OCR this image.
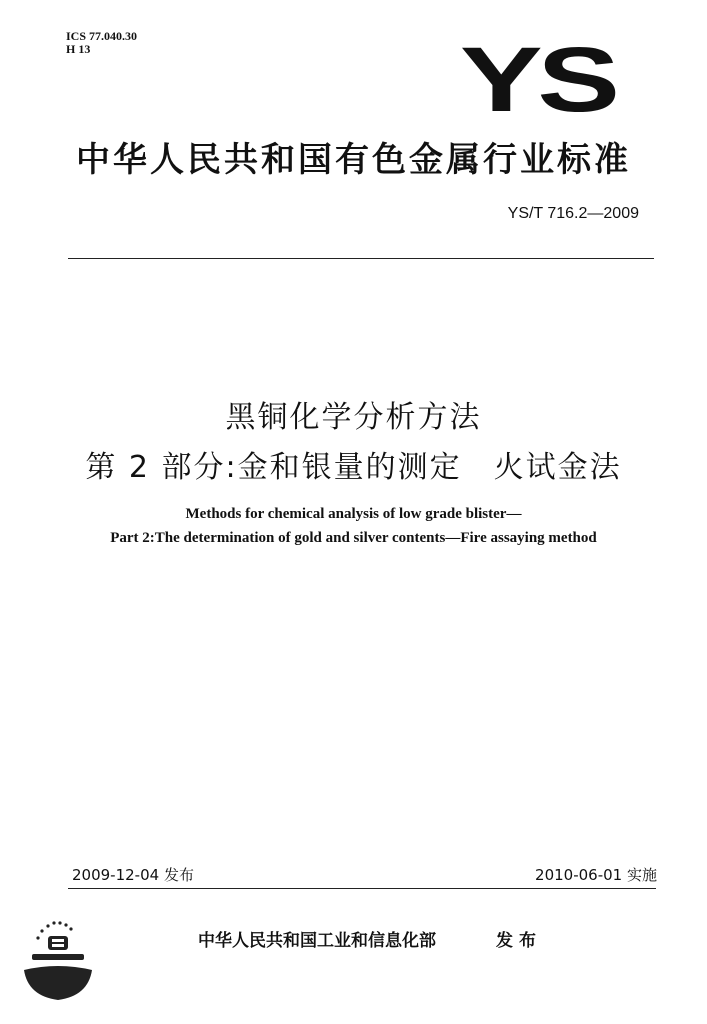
ICS 77.040.30
H 13	YS
中华人民共和国有色金属行业标准
YS/T 716.2—2009
黑铜化学分析方法
第 2 部分:金和银量的测定　火试金法
Methods for chemical analysis of low grade blister—
Part 2:The determination of gold and silver contents—Fire assaying method
2009-12-04 发布	2010-06-01 实施
中华人民共和国工业和信息化部	发布
